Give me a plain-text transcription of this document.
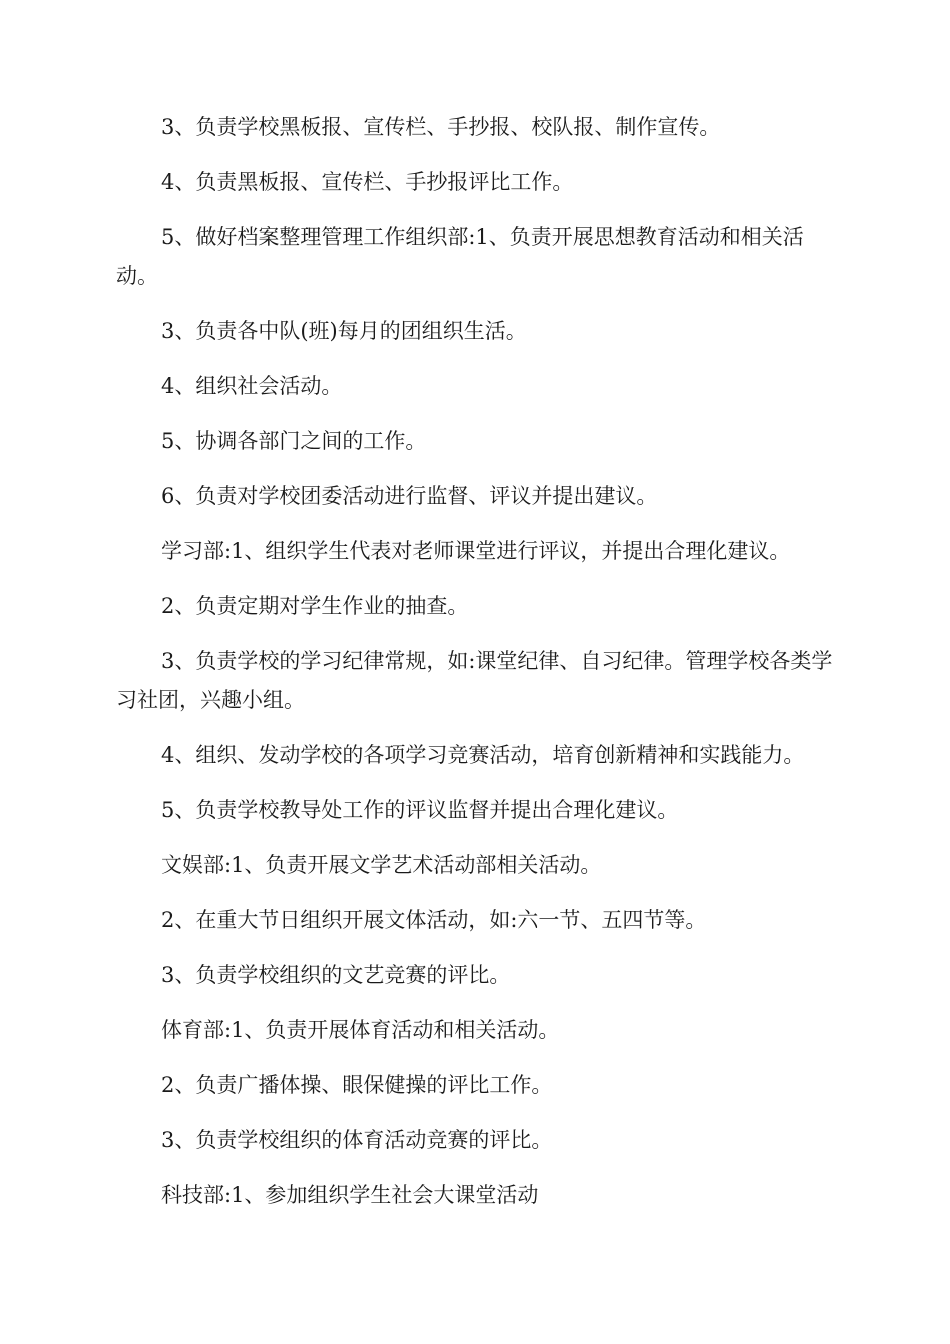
3、负责学校黑板报、宣传栏、手抄报、校队报、制作宣传。

4、负责黑板报、宣传栏、手抄报评比工作。

5、做好档案整理管理工作组织部:1、负责开展思想教育活动和相关活动。

3、负责各中队(班)每月的团组织生活。

4、组织社会活动。

5、协调各部门之间的工作。

6、负责对学校团委活动进行监督、评议并提出建议。

学习部:1、组织学生代表对老师课堂进行评议，并提出合理化建议。

2、负责定期对学生作业的抽查。

3、负责学校的学习纪律常规，如:课堂纪律、自习纪律。管理学校各类学习社团，兴趣小组。

4、组织、发动学校的各项学习竞赛活动，培育创新精神和实践能力。

5、负责学校教导处工作的评议监督并提出合理化建议。

文娱部:1、负责开展文学艺术活动部相关活动。

2、在重大节日组织开展文体活动，如:六一节、五四节等。

3、负责学校组织的文艺竞赛的评比。

体育部:1、负责开展体育活动和相关活动。

2、负责广播体操、眼保健操的评比工作。

3、负责学校组织的体育活动竞赛的评比。

科技部:1、参加组织学生社会大课堂活动
